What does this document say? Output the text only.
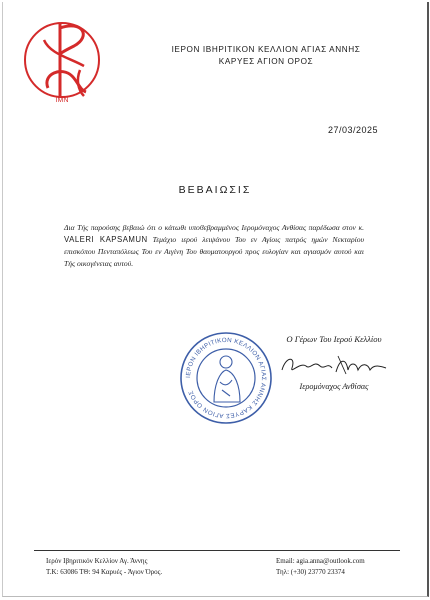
ΙΜΝ
ΙΕΡΟΝ ΙΒΗΡΙΤΙΚΟΝ ΚΕΛΛΙΟΝ ΑΓΙΑΣ ΑΝΝΗΣ
ΚΑΡΥΕΣ ΑΓΙΟΝ ΟΡΟΣ
27/03/2025
ΒΕΒΑΙΩΣΙΣ
Δια Τής παρούσης βεβαιώ ότι ο κάτωθι υποϐεβραμμένος Ιερομόναχος Ανθίσας παρέδωσα στον κ. VALERI KAPSAMUN Τεμάχιο ιερού λειψάνου Του εν Αγίοις πατρός ημών Νεκταρίου επισκόπου Πενταπόλεως Του εν Αιγίνη Του θαυματουργού προς ευλογίαν και αγιασμόν αυτού και Τής οικογένειας αυτού.
ΙΕΡΟΝ ΙΒΗΡΙΤΙΚΟΝ ΚΕΛΛΙΟΝ ΑΓΙΑΣ ΑΝΝΗΣ ΚΑΡΥΕΣ ΑΓΙΟΝ ΟΡΟΣ
Ο Γέρων Του Ιερού Κελλίου
Ιερομόναχος Ανθίσας
Ιερόν Ιβηριτικόν Κελλίον Αγ. Άννης
Τ.Κ: 63086 ΤΘ: 94 Καρυές - Άγιον Όρος.
Email: agia.anna@outlook.com
Τηλ: (+30) 23770 23374
